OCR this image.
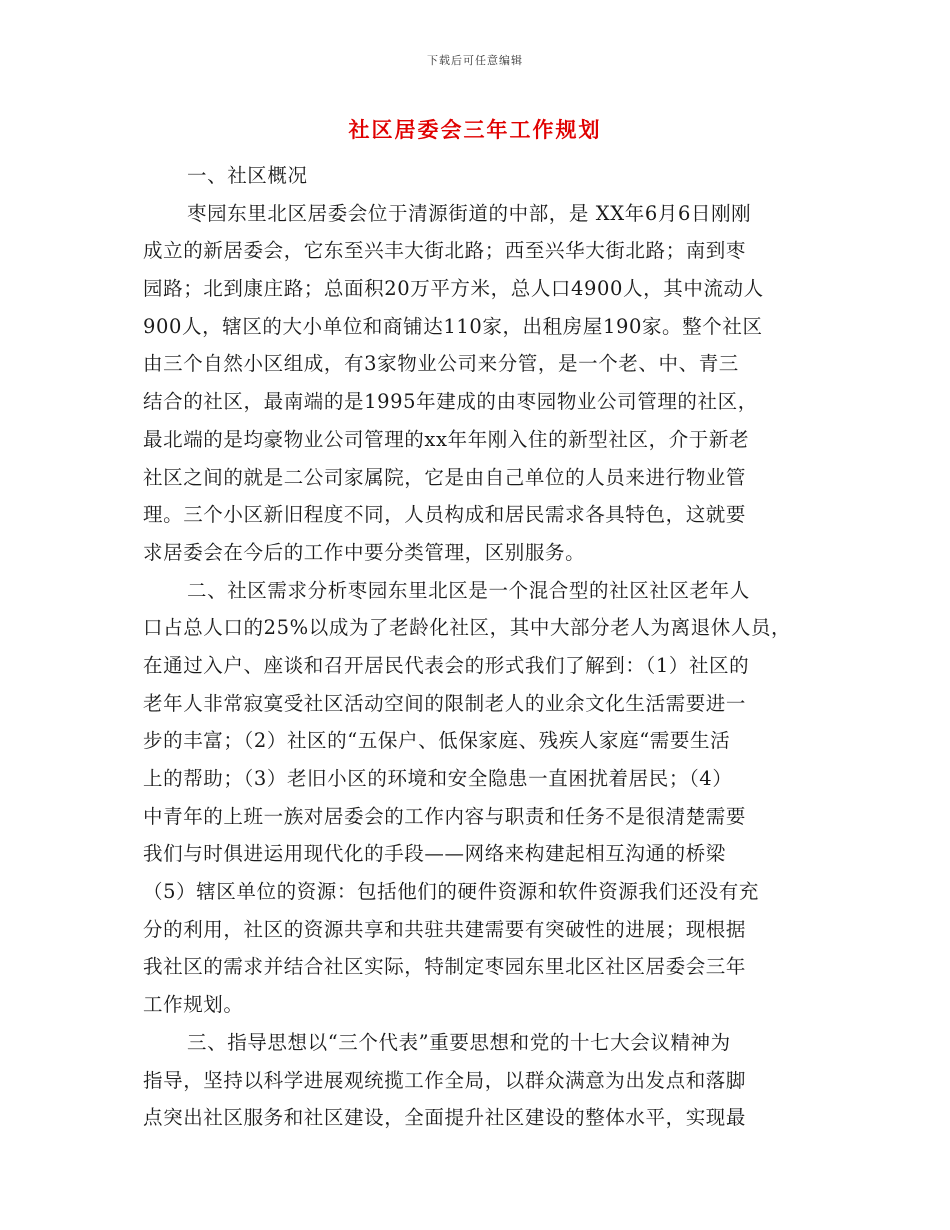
下载后可任意编辑
社区居委会三年工作规划
一、社区概况
枣园东里北区居委会位于清源街道的中部，是 XX年6月6日刚刚
成立的新居委会，它东至兴丰大街北路；西至兴华大街北路；南到枣
园路；北到康庄路；总面积20万平方米，总人口4900人，其中流动人
900人，辖区的大小单位和商铺达110家，出租房屋190家。整个社区
由三个自然小区组成，有3家物业公司来分管，是一个老、中、青三
结合的社区，最南端的是1995年建成的由枣园物业公司管理的社区，
最北端的是均豪物业公司管理的xx年年刚入住的新型社区，介于新老
社区之间的就是二公司家属院，它是由自己单位的人员来进行物业管
理。三个小区新旧程度不同，人员构成和居民需求各具特色，这就要
求居委会在今后的工作中要分类管理，区别服务。
二、社区需求分析枣园东里北区是一个混合型的社区社区老年人
口占总人口的25%以成为了老龄化社区，其中大部分老人为离退休人员，
在通过入户、座谈和召开居民代表会的形式我们了解到：（1）社区的
老年人非常寂寞受社区活动空间的限制老人的业余文化生活需要进一
步的丰富；（2）社区的“五保户、低保家庭、残疾人家庭“需要生活
上的帮助；（3）老旧小区的环境和安全隐患一直困扰着居民；（4）
中青年的上班一族对居委会的工作内容与职责和任务不是很清楚需要
我们与时俱进运用现代化的手段——网络来构建起相互沟通的桥梁
（5）辖区单位的资源：包括他们的硬件资源和软件资源我们还没有充
分的利用，社区的资源共享和共驻共建需要有突破性的进展；现根据
我社区的需求并结合社区实际，特制定枣园东里北区社区居委会三年
工作规划。
三、指导思想以“三个代表”重要思想和党的十七大会议精神为
指导，坚持以科学进展观统揽工作全局，以群众满意为出发点和落脚
点突出社区服务和社区建设，全面提升社区建设的整体水平，实现最
